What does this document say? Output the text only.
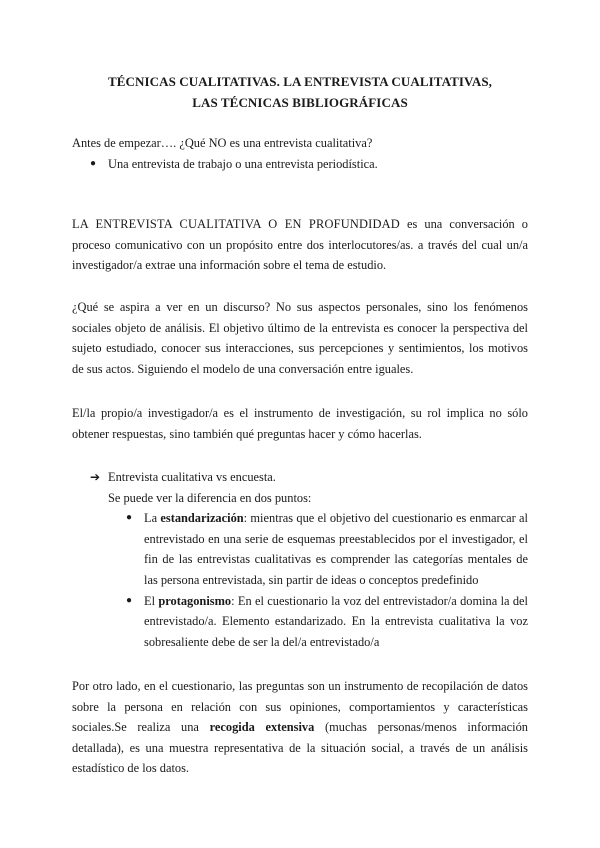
TÉCNICAS CUALITATIVAS. LA ENTREVISTA CUALITATIVAS,
LAS TÉCNICAS BIBLIOGRÁFICAS
Antes de empezar…. ¿Qué NO es una entrevista cualitativa?
● Una entrevista de trabajo o una entrevista periodística.
LA ENTREVISTA CUALITATIVA O EN PROFUNDIDAD es una conversación o proceso comunicativo con un propósito entre dos interlocutores/as. a través del cual un/a investigador/a extrae una información sobre el tema de estudio.
¿Qué se aspira a ver en un discurso? No sus aspectos personales, sino los fenómenos sociales objeto de análisis. El objetivo último de la entrevista es conocer la perspectiva del sujeto estudiado, conocer sus interacciones, sus percepciones y sentimientos, los motivos de sus actos. Siguiendo el modelo de una conversación entre iguales.
El/la propio/a investigador/a es el instrumento de investigación, su rol implica no sólo obtener respuestas, sino también qué preguntas hacer y cómo hacerlas.
➔ Entrevista cualitativa vs encuesta.
Se puede ver la diferencia en dos puntos:
● La estandarización: mientras que el objetivo del cuestionario es enmarcar al entrevistado en una serie de esquemas preestablecidos por el investigador, el fin de las entrevistas cualitativas es comprender las categorías mentales de las persona entrevistada, sin partir de ideas o conceptos predefinido
● El protagonismo: En el cuestionario la voz del entrevistador/a domina la del entrevistado/a. Elemento estandarizado. En la entrevista cualitativa la voz sobresaliente debe de ser la del/a entrevistado/a
Por otro lado, en el cuestionario, las preguntas son un instrumento de recopilación de datos sobre la persona en relación con sus opiniones, comportamientos y características sociales.Se realiza una recogida extensiva (muchas personas/menos información detallada), es una muestra representativa de la situación social, a través de un análisis estadístico de los datos.
